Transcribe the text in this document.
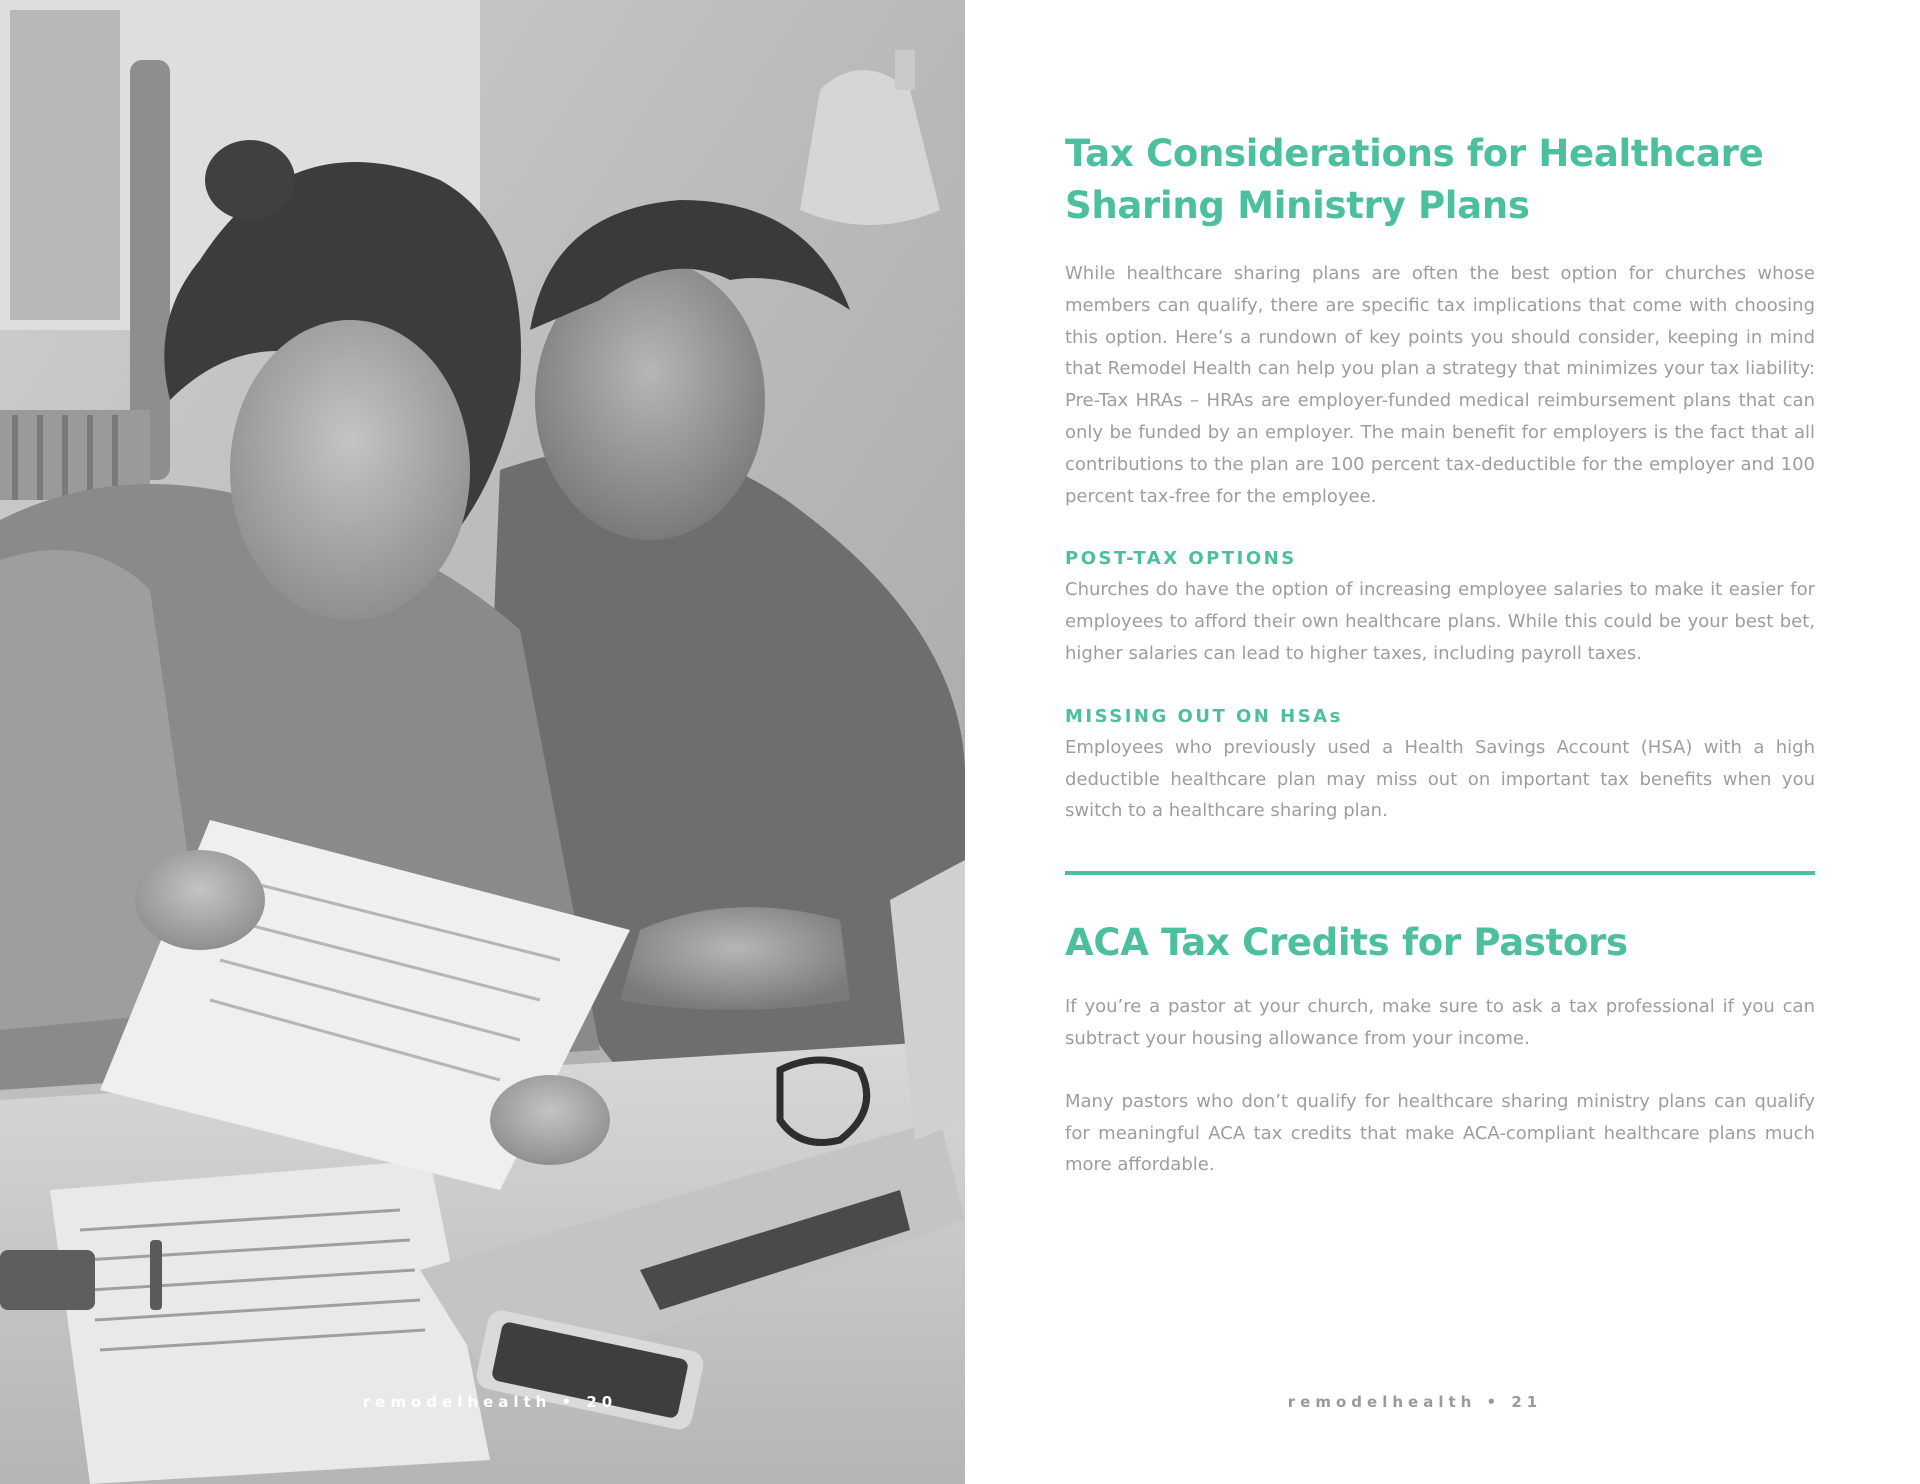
remodelhealth • 20
Tax Considerations for Healthcare Sharing Ministry Plans

While healthcare sharing plans are often the best option for churches whose members can qualify, there are specific tax implications that come with choosing this option. Here’s a rundown of key points you should consider, keeping in mind that Remodel Health can help you plan a strategy that minimizes your tax liability: Pre-Tax HRAs – HRAs are employer-funded medical reimbursement plans that can only be funded by an employer. The main benefit for employers is the fact that all contributions to the plan are 100 percent tax-deductible for the employer and 100 percent tax-free for the employee.

POST-TAX OPTIONS

Churches do have the option of increasing employee salaries to make it easier for employees to afford their own healthcare plans. While this could be your best bet, higher salaries can lead to higher taxes, including payroll taxes.

MISSING OUT ON HSAs

Employees who previously used a Health Savings Account (HSA) with a high deductible healthcare plan may miss out on important tax benefits when you switch to a healthcare sharing plan.

ACA Tax Credits for Pastors

If you’re a pastor at your church, make sure to ask a tax professional if you can subtract your housing allowance from your income.

Many pastors who don’t qualify for healthcare sharing ministry plans can qualify for meaningful ACA tax credits that make ACA-compliant healthcare plans much more affordable.

remodelhealth • 21
